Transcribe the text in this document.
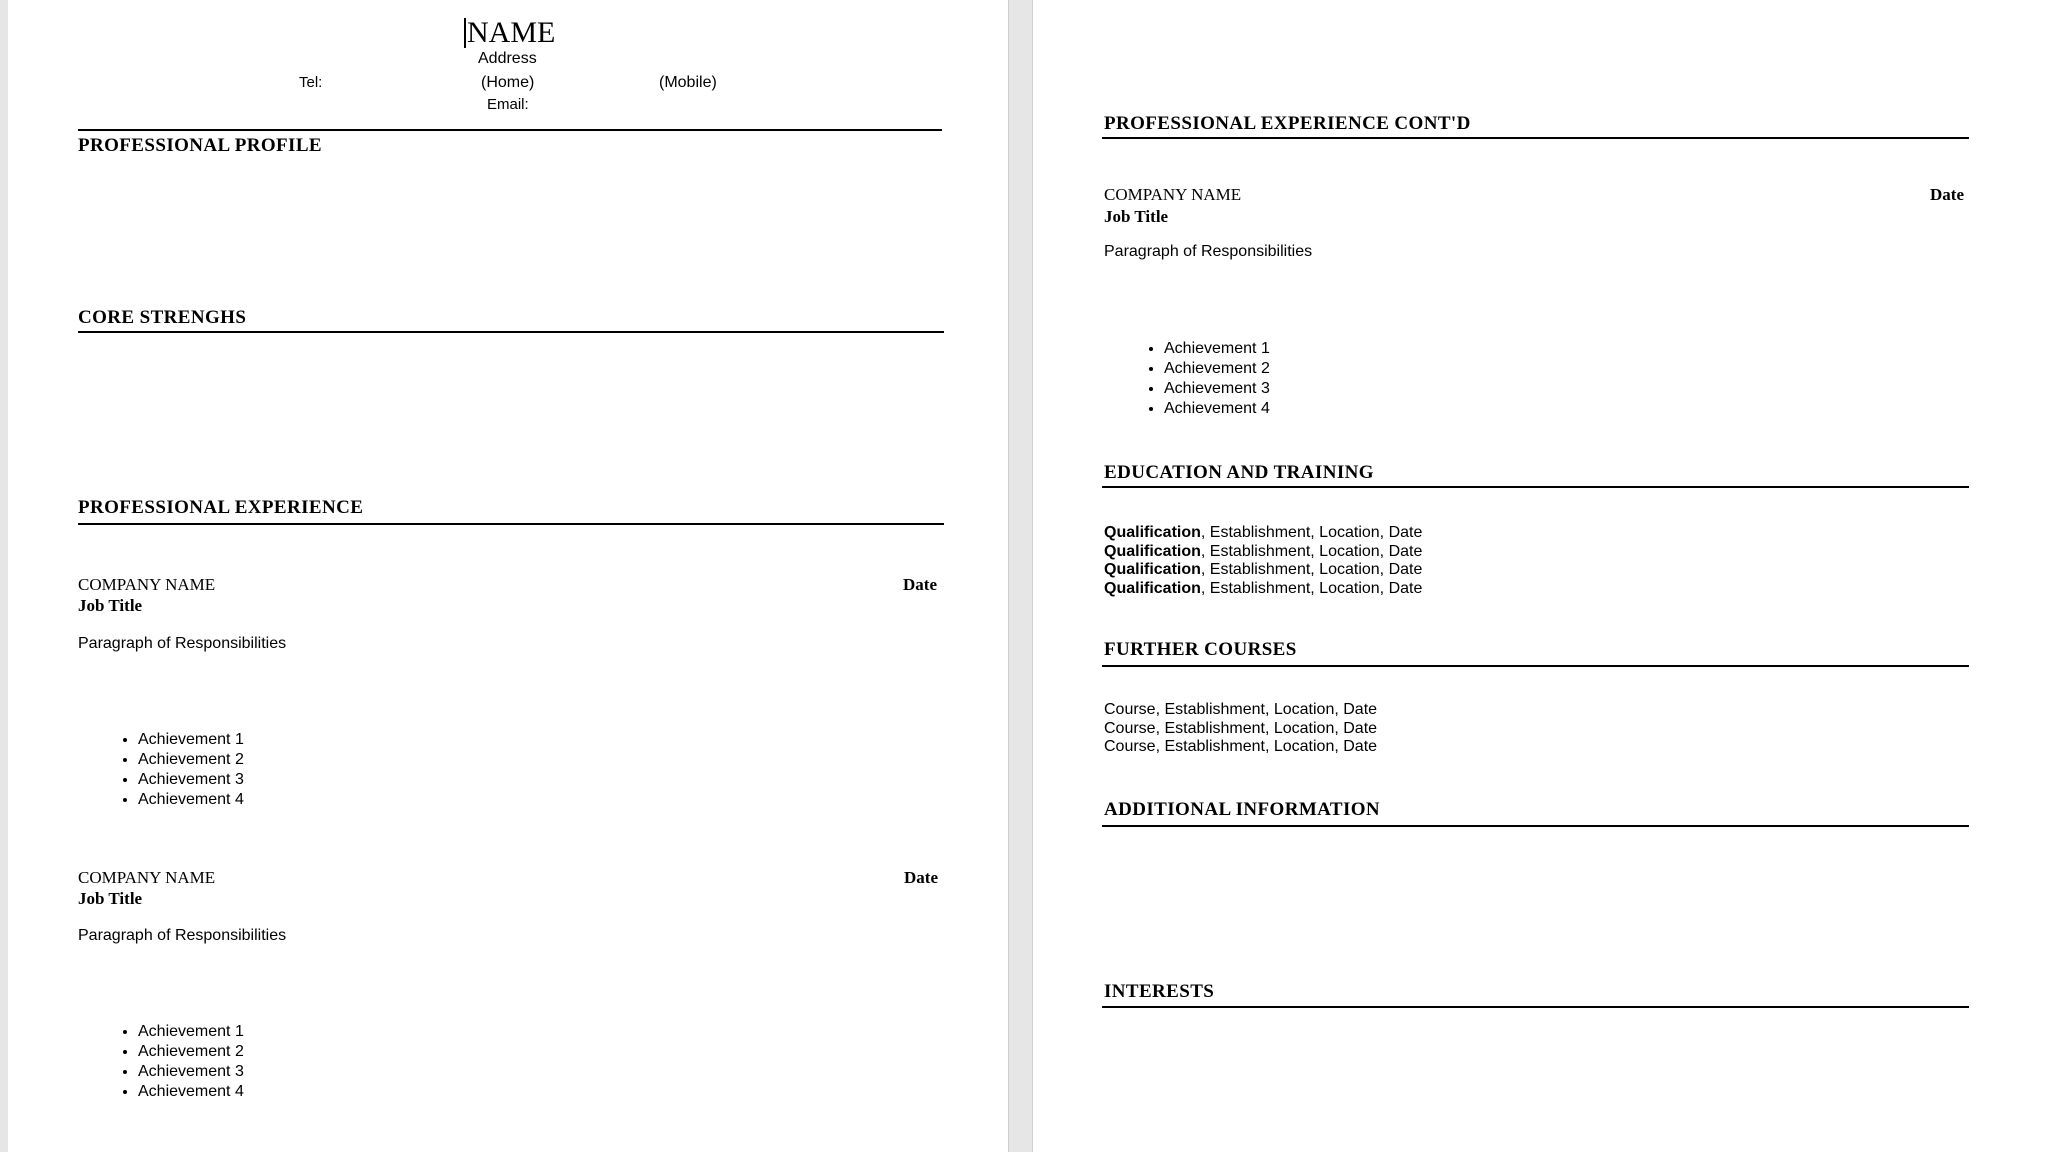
NAME
Address
Tel:	(Home)	(Mobile)
Email:
PROFESSIONAL PROFILE
CORE STRENGHS
PROFESSIONAL EXPERIENCE
COMPANY NAME	Date
Job Title
Paragraph of Responsibilities
• Achievement 1
• Achievement 2
• Achievement 3
• Achievement 4
COMPANY NAME	Date
Job Title
Paragraph of Responsibilities
• Achievement 1
• Achievement 2
• Achievement 3
• Achievement 4
PROFESSIONAL EXPERIENCE CONT'D
COMPANY NAME	Date
Job Title
Paragraph of Responsibilities
• Achievement 1
• Achievement 2
• Achievement 3
• Achievement 4
EDUCATION AND TRAINING
Qualification, Establishment, Location, Date
Qualification, Establishment, Location, Date
Qualification, Establishment, Location, Date
Qualification, Establishment, Location, Date
FURTHER COURSES
Course, Establishment, Location, Date
Course, Establishment, Location, Date
Course, Establishment, Location, Date
ADDITIONAL INFORMATION
INTERESTS
